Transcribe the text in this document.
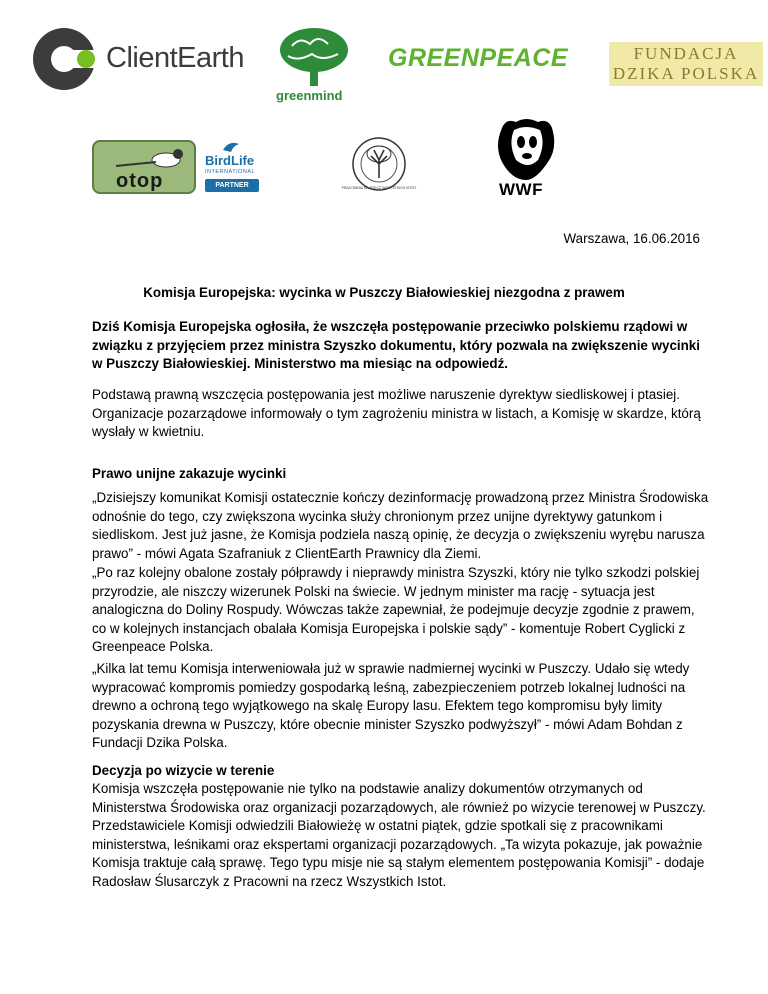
ClientEarth
greenmind
GREENPEACE	FUNDACJA
DZIKA POLSKA
otop
BirdLife
INTERNATIONAL
PARTNER	PRACOWNIA NA RZECZ WSZYSTKICH ISTOT	WWF
Warszawa, 16.06.2016
Komisja Europejska: wycinka w Puszczy Białowieskiej niezgodna z prawem

Dziś Komisja Europejska ogłosiła, że wszczęła postępowanie przeciwko polskiemu rządowi w związku z przyjęciem przez ministra Szyszko dokumentu, który pozwala na zwiększenie wycinki w Puszczy Białowieskiej. Ministerstwo ma miesiąc na odpowiedź.

Podstawą prawną wszczęcia postępowania jest możliwe naruszenie dyrektyw siedliskowej i ptasiej. Organizacje pozarządowe informowały o tym zagrożeniu ministra w listach, a Komisję w skardze, którą wysłały w kwietniu.

Prawo unijne zakazuje wycinki

„Dzisiejszy komunikat Komisji ostatecznie kończy dezinformację prowadzoną przez Ministra Środowiska odnośnie do tego, czy zwiększona wycinka służy chronionym przez unijne dyrektywy gatunkom i siedliskom. Jest już jasne, że Komisja podziela naszą opinię, że decyzja o zwiększeniu wyrębu narusza prawo” - mówi Agata Szafraniuk z ClientEarth Prawnicy dla Ziemi.

„Po raz kolejny obalone zostały półprawdy i nieprawdy ministra Szyszki, który nie tylko szkodzi polskiej przyrodzie, ale niszczy wizerunek Polski na świecie. W jednym minister ma rację - sytuacja jest analogiczna do Doliny Rospudy. Wówczas także zapewniał, że podejmuje decyzje zgodnie z prawem, co w kolejnych instancjach obalała Komisja Europejska i polskie sądy” - komentuje Robert Cyglicki z Greenpeace Polska.

„Kilka lat temu Komisja interweniowała już w sprawie nadmiernej wycinki w Puszczy. Udało się wtedy wypracować kompromis pomiedzy gospodarką leśną, zabezpieczeniem potrzeb lokalnej ludności na drewno a ochroną tego wyjątkowego na skalę Europy lasu. Efektem tego kompromisu były limity pozyskania drewna w Puszczy, które obecnie minister Szyszko podwyższył” - mówi Adam Bohdan z Fundacji Dzika Polska.

Decyzja po wizycie w terenie

Komisja wszczęła postępowanie nie tylko na podstawie analizy dokumentów otrzymanych od Ministerstwa Środowiska oraz organizacji pozarządowych, ale również po wizycie terenowej w Puszczy. Przedstawiciele Komisji odwiedzili Białowieżę w ostatni piątek, gdzie spotkali się z pracownikami ministerstwa, leśnikami oraz ekspertami organizacji pozarządowych. „Ta wizyta pokazuje, jak poważnie Komisja traktuje całą sprawę. Tego typu misje nie są stałym elementem postępowania Komisji” - dodaje Radosław Ślusarczyk z Pracowni na rzecz Wszystkich Istot.
